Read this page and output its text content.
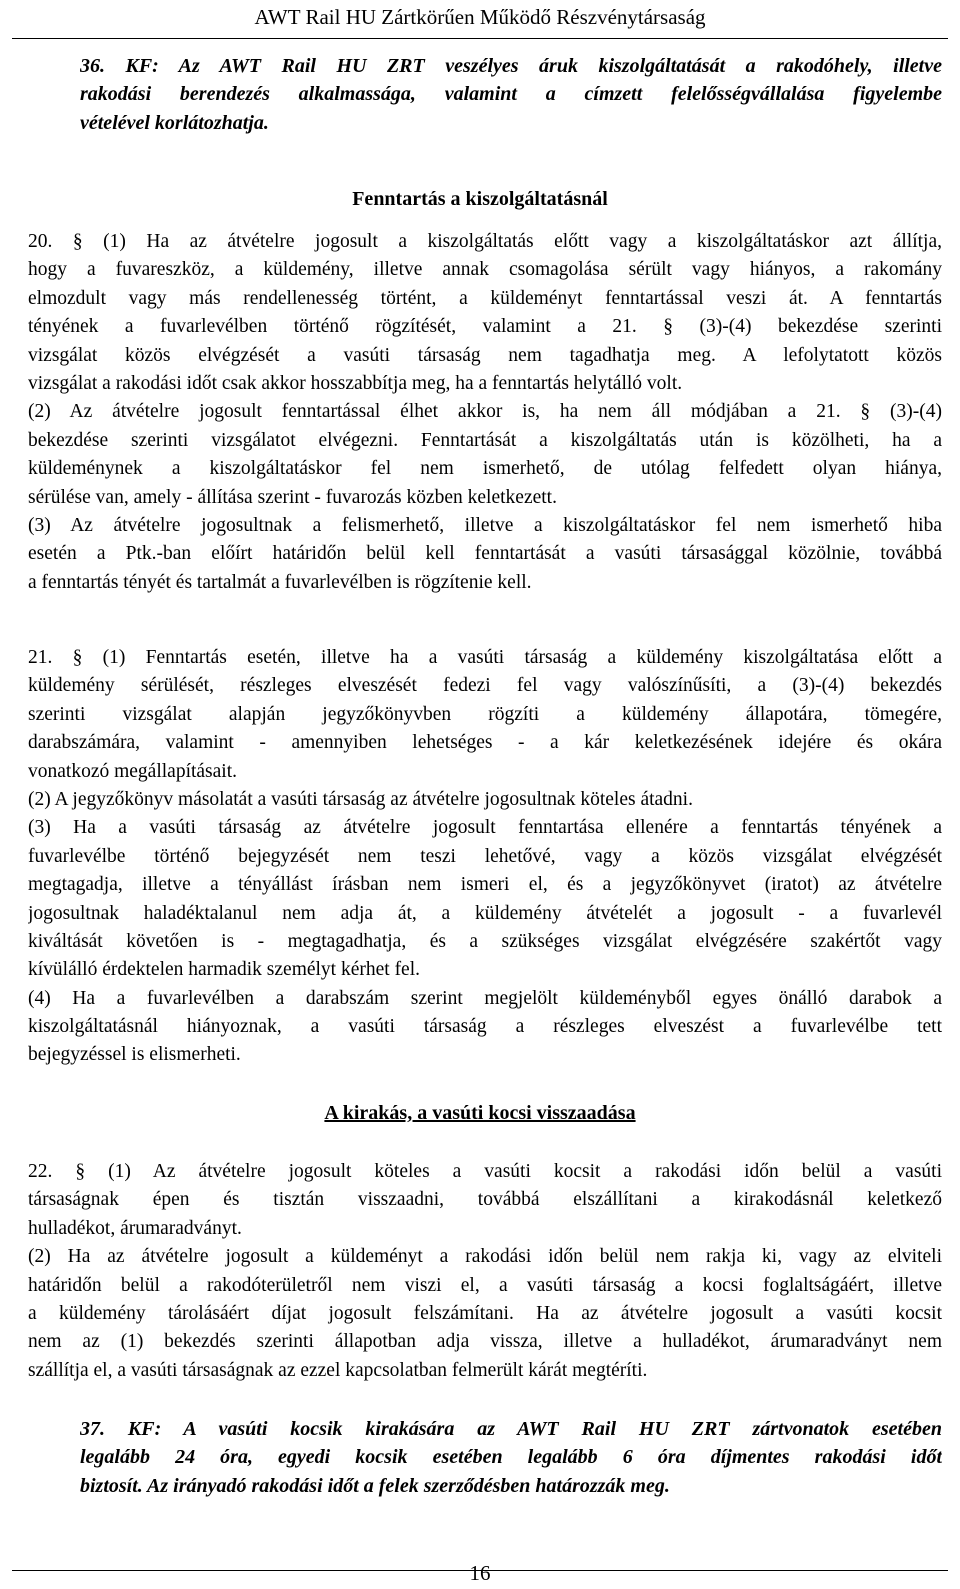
AWT Rail HU Zártkörűen Működő Részvénytársaság
36. KF: Az AWT Rail HU ZRT veszélyes áruk kiszolgáltatását a rakodóhely, illetve
rakodási berendezés alkalmassága, valamint a címzett felelősségvállalása figyelembe
vételével korlátozhatja.
Fenntartás a kiszolgáltatásnál
20. § (1) Ha az átvételre jogosult a kiszolgáltatás előtt vagy a kiszolgáltatáskor azt állítja,
hogy a fuvareszköz, a küldemény, illetve annak csomagolása sérült vagy hiányos, a rakomány
elmozdult vagy más rendellenesség történt, a küldeményt fenntartással veszi át. A fenntartás
tényének a fuvarlevélben történő rögzítését, valamint a 21. § (3)-(4) bekezdése szerinti
vizsgálat közös elvégzését a vasúti társaság nem tagadhatja meg. A lefolytatott közös
vizsgálat a rakodási időt csak akkor hosszabbítja meg, ha a fenntartás helytálló volt.
(2) Az átvételre jogosult fenntartással élhet akkor is, ha nem áll módjában a 21. § (3)-(4)
bekezdése szerinti vizsgálatot elvégezni. Fenntartását a kiszolgáltatás után is közölheti, ha a
küldeménynek a kiszolgáltatáskor fel nem ismerhető, de utólag felfedett olyan hiánya,
sérülése van, amely - állítása szerint - fuvarozás közben keletkezett.
(3) Az átvételre jogosultnak a felismerhető, illetve a kiszolgáltatáskor fel nem ismerhető hiba
esetén a Ptk.-ban előírt határidőn belül kell fenntartását a vasúti társasággal közölnie, továbbá
a fenntartás tényét és tartalmát a fuvarlevélben is rögzítenie kell.
21. § (1) Fenntartás esetén, illetve ha a vasúti társaság a küldemény kiszolgáltatása előtt a
küldemény sérülését, részleges elveszését fedezi fel vagy valószínűsíti, a (3)-(4) bekezdés
szerinti vizsgálat alapján jegyzőkönyvben rögzíti a küldemény állapotára, tömegére,
darabszámára, valamint - amennyiben lehetséges - a kár keletkezésének idejére és okára
vonatkozó megállapításait.
(2) A jegyzőkönyv másolatát a vasúti társaság az átvételre jogosultnak köteles átadni.
(3) Ha a vasúti társaság az átvételre jogosult fenntartása ellenére a fenntartás tényének a
fuvarlevélbe történő bejegyzését nem teszi lehetővé, vagy a közös vizsgálat elvégzését
megtagadja, illetve a tényállást írásban nem ismeri el, és a jegyzőkönyvet (iratot) az átvételre
jogosultnak haladéktalanul nem adja át, a küldemény átvételét a jogosult - a fuvarlevél
kiváltását követően is - megtagadhatja, és a szükséges vizsgálat elvégzésére szakértőt vagy
kívülálló érdektelen harmadik személyt kérhet fel.
(4) Ha a fuvarlevélben a darabszám szerint megjelölt küldeményből egyes önálló darabok a
kiszolgáltatásnál hiányoznak, a vasúti társaság a részleges elveszést a fuvarlevélbe tett
bejegyzéssel is elismerheti.
A kirakás, a vasúti kocsi visszaadása
22. § (1) Az átvételre jogosult köteles a vasúti kocsit a rakodási időn belül a vasúti
társaságnak épen és tisztán visszaadni, továbbá elszállítani a kirakodásnál keletkező
hulladékot, árumaradványt.
(2) Ha az átvételre jogosult a küldeményt a rakodási időn belül nem rakja ki, vagy az elviteli
határidőn belül a rakodóterületről nem viszi el, a vasúti társaság a kocsi foglaltságáért, illetve
a küldemény tárolásáért díjat jogosult felszámítani. Ha az átvételre jogosult a vasúti kocsit
nem az (1) bekezdés szerinti állapotban adja vissza, illetve a hulladékot, árumaradványt nem
szállítja el, a vasúti társaságnak az ezzel kapcsolatban felmerült kárát megtéríti.
37. KF: A vasúti kocsik kirakására az AWT Rail HU ZRT zártvonatok esetében
legalább 24 óra, egyedi kocsik esetében legalább 6 óra díjmentes rakodási időt
biztosít. Az irányadó rakodási időt a felek szerződésben határozzák meg.
16
